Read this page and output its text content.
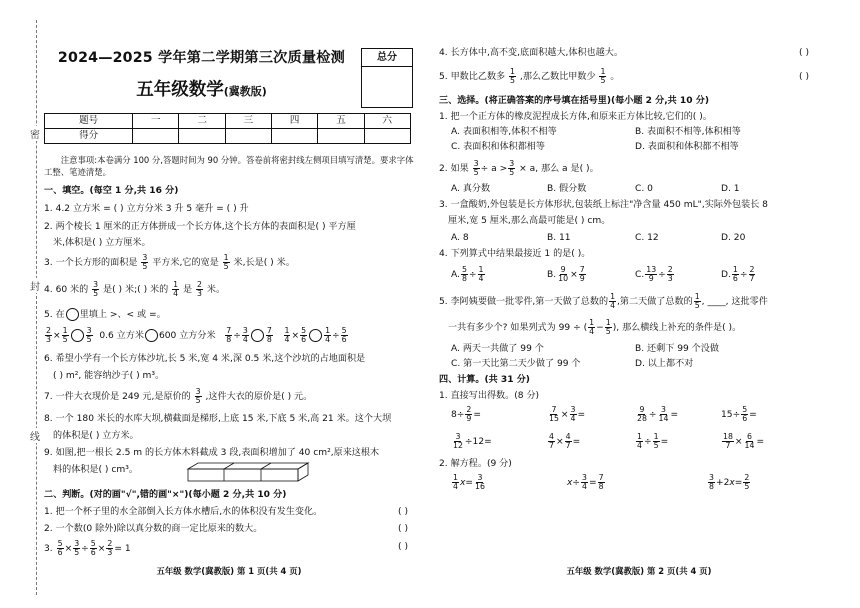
密
封
线
2024—2025 学年第二学期第三次质量检测
五年级数学(冀教版)
总分
题号	一	二	三	四	五	六
得分						
注意事项:本卷满分 100 分,答题时间为 90 分钟。答卷前将密封线左侧项目填写清楚。要求字体工整、笔迹清楚。
一、填空。(每空 1 分,共 16 分)
1. 4.2 立方米 = ( ) 立方分米 3 升 5 毫升 = ( ) 升
2. 两个棱长 1 厘米的正方体拼成一个长方体,这个长方体的表面积是( ) 平方厘
米,体积是( ) 立方厘米。
3. 一个长方形的面积是 $\frac{3}{5}$ 平方米,它的宽是 $\frac{1}{5}$ 米,长是( ) 米。
4. 60 米的 $\frac{3}{5}$ 是( ) 米;( ) 米的 $\frac{1}{4}$ 是 $\frac{2}{3}$ 米。
5. 在 里填上 >、< 或 =。
$\frac{2}{3} \times \frac{1}{5} \frac{3}{5} 0.6$ 立方米 600 立方分米 $\frac{7}{8} \div \frac{3}{4} \frac{7}{8}$
$\frac{1}{4} \times \frac{5}{6} \frac{1}{4} \div \frac{5}{6}$
6. 希望小学有一个长方体沙坑,长 5 米,宽 4 米,深 0.5 米,这个沙坑的占地面积是
( ) m², 能容纳沙子( ) m³。
7. 一件大衣现价是 249 元,是原价的 $\frac{3}{5}$ ,这件大衣的原价是( ) 元。
8. 一个 180 米长的水库大坝,横截面是梯形,上底 15 米,下底 5 米,高 21 米。这个大坝
的体积是( ) 立方米。
9. 如图,把一根长 2.5 m 的长方体木料截成 3 段,表面积增加了 40 cm²,原来这根木
料的体积是( ) cm³。
二、判断。(对的画"√",错的画"×")(每小题 2 分,共 10 分)
1. 把一个杯子里的水全部倒入长方体水槽后,水的体积没有发生变化。	( )
2. 一个数(0 除外)除以真分数的商一定比原来的数大。	( )
3. $\frac{5}{6} \times \frac{3}{5} \div \frac{5}{6} \times \frac{2}{3} = 1$	( )
五年级 数学(冀教版) 第 1 页(共 4 页)
4. 长方体中,高不变,底面积越大,体积也越大。	( )
5. 甲数比乙数多 $\frac{1}{5}$ ,那么乙数比甲数少 $\frac{1}{5}$ 。	( )
三、选择。(将正确答案的序号填在括号里)(每小题 2 分,共 10 分)
1. 把一个正方体的橡皮泥捏成长方体,和原来正方体比较,它们的( )。
A. 表面积相等,体积不相等	B. 表面积不相等,体积相等
C. 表面积和体积都相等	D. 表面积和体积都不相等
2. 如果 $\frac{3}{5} \div a > \frac{3}{5} \times a$, 那么 a 是( )。
A. 真分数	B. 假分数	C. 0	D. 1
3. 一盒酸奶,外包装是长方体形状,包装纸上标注"净含量 450 mL",实际外包装长 8
厘米,宽 5 厘米,那么高最可能是( ) cm。
A. 8	B. 11	C. 12	D. 20
4. 下列算式中结果最接近 1 的是( )。
A. $\frac{5}{8} \div \frac{1}{4}$	B. $\frac{9}{10} \times \frac{7}{9}$	C. $\frac{13}{9} \div \frac{2}{3}$	D. $\frac{1}{6} \div \frac{2}{7}$
5. 李阿姨要做一批零件,第一天做了总数的 $\frac{1}{4}$ ,第二天做了总数的 $\frac{1}{5}$ , ____, 这批零件
一共有多少个? 如果列式为 99 ÷ ( $\frac{1}{4} - \frac{1}{5}$ ), 那么横线上补充的条件是( )。
A. 两天一共做了 99 个	B. 还剩下 99 个没做
C. 第一天比第二天少做了 99 个	D. 以上都不对
四、计算。(共 31 分)
1. 直接写出得数。(8 分)
$8\div \frac{2}{9}$ =	$\frac{7}{15} \times \frac{3}{4}$ =	$\frac{9}{28} \div \frac{3}{14}$ =	$15\div \frac{5}{6}$ =
$\frac{3}{12} \div 12=$	$\frac{4}{7} \times \frac{4}{7}$ =	$\frac{1}{4} \div \frac{1}{5}$ =	$\frac{18}{7} \times \frac{6}{14}$ =
2. 解方程。(9 分)
$\frac{1}{4} x= \frac{3}{16}$	$x\div \frac{3}{4} = \frac{7}{8}$	$\frac{3}{8} +2x= \frac{2}{5}$
五年级 数学(冀教版) 第 2 页(共 4 页)
